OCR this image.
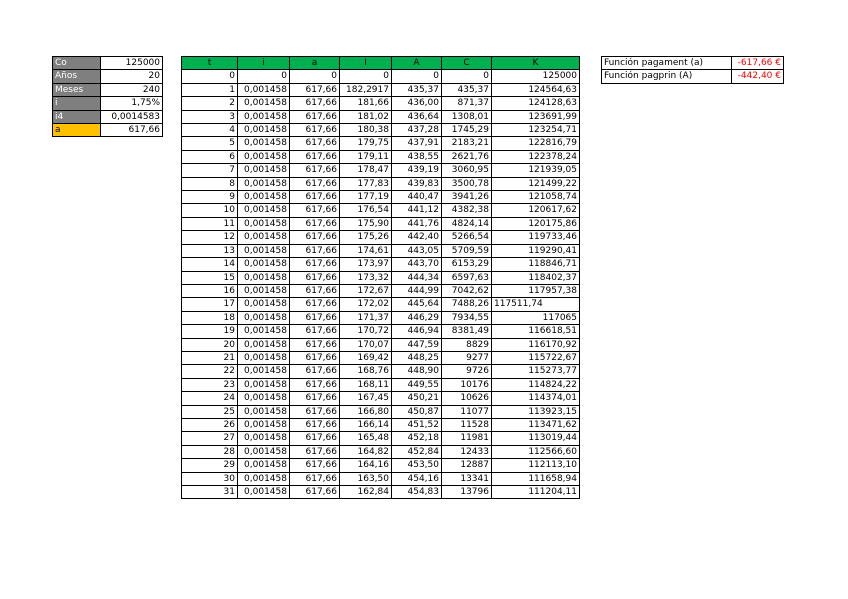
Co	125000
Años	20
Meses	240
i	1,75%
i4	0,0014583
a	617,66
t	i	a	I	A	C	K
0	0	0	0	0	0	125000
1	0,001458	617,66	182,2917	435,37	435,37	124564,63
2	0,001458	617,66	181,66	436,00	871,37	124128,63
3	0,001458	617,66	181,02	436,64	1308,01	123691,99
4	0,001458	617,66	180,38	437,28	1745,29	123254,71
5	0,001458	617,66	179,75	437,91	2183,21	122816,79
6	0,001458	617,66	179,11	438,55	2621,76	122378,24
7	0,001458	617,66	178,47	439,19	3060,95	121939,05
8	0,001458	617,66	177,83	439,83	3500,78	121499,22
9	0,001458	617,66	177,19	440,47	3941,26	121058,74
10	0,001458	617,66	176,54	441,12	4382,38	120617,62
11	0,001458	617,66	175,90	441,76	4824,14	120175,86
12	0,001458	617,66	175,26	442,40	5266,54	119733,46
13	0,001458	617,66	174,61	443,05	5709,59	119290,41
14	0,001458	617,66	173,97	443,70	6153,29	118846,71
15	0,001458	617,66	173,32	444,34	6597,63	118402,37
16	0,001458	617,66	172,67	444,99	7042,62	117957,38
17	0,001458	617,66	172,02	445,64	7488,26	117511,74
18	0,001458	617,66	171,37	446,29	7934,55	117065
19	0,001458	617,66	170,72	446,94	8381,49	116618,51
20	0,001458	617,66	170,07	447,59	8829	116170,92
21	0,001458	617,66	169,42	448,25	9277	115722,67
22	0,001458	617,66	168,76	448,90	9726	115273,77
23	0,001458	617,66	168,11	449,55	10176	114824,22
24	0,001458	617,66	167,45	450,21	10626	114374,01
25	0,001458	617,66	166,80	450,87	11077	113923,15
26	0,001458	617,66	166,14	451,52	11528	113471,62
27	0,001458	617,66	165,48	452,18	11981	113019,44
28	0,001458	617,66	164,82	452,84	12433	112566,60
29	0,001458	617,66	164,16	453,50	12887	112113,10
30	0,001458	617,66	163,50	454,16	13341	111658,94
31	0,001458	617,66	162,84	454,83	13796	111204,11
Función pagament (a)	-617,66 €
Función pagprin (A)	-442,40 €
